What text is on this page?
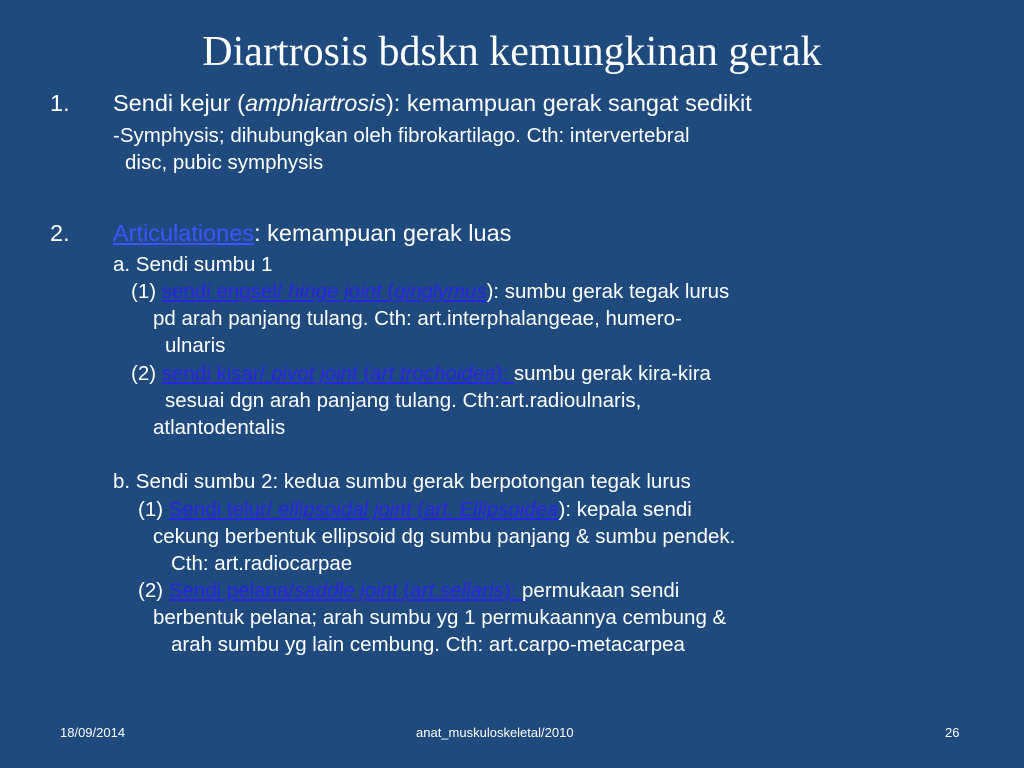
Diartrosis bdskn kemungkinan gerak
1. Sendi kejur (amphiartrosis): kemampuan gerak sangat sedikit
-Symphysis; dihubungkan oleh fibrokartilago. Cth: intervertebral
disc, pubic symphysis
2. Articulationes: kemampuan gerak luas
a. Sendi sumbu 1
(1) sendi engsel/ hinge joint (ginglymus): sumbu gerak tegak lurus
pd arah panjang tulang. Cth: art.interphalangeae, humero-
ulnaris
(2) sendi kisar/ pivot joint (art trochoidea): sumbu gerak kira-kira
sesuai dgn arah panjang tulang. Cth:art.radioulnaris,
atlantodentalis
b. Sendi sumbu 2: kedua sumbu gerak berpotongan tegak lurus
(1) Sendi telur/ ellipsoidal joint (art. Ellipsoidea): kepala sendi
cekung berbentuk ellipsoid dg sumbu panjang & sumbu pendek.
Cth: art.radiocarpae
(2) Sendi pelana/saddle joint (art.sellaris): permukaan sendi
berbentuk pelana; arah sumbu yg 1 permukaannya cembung &
arah sumbu yg lain cembung. Cth: art.carpo-metacarpea
18/09/2014	anat_muskuloskeletal/2010	26
